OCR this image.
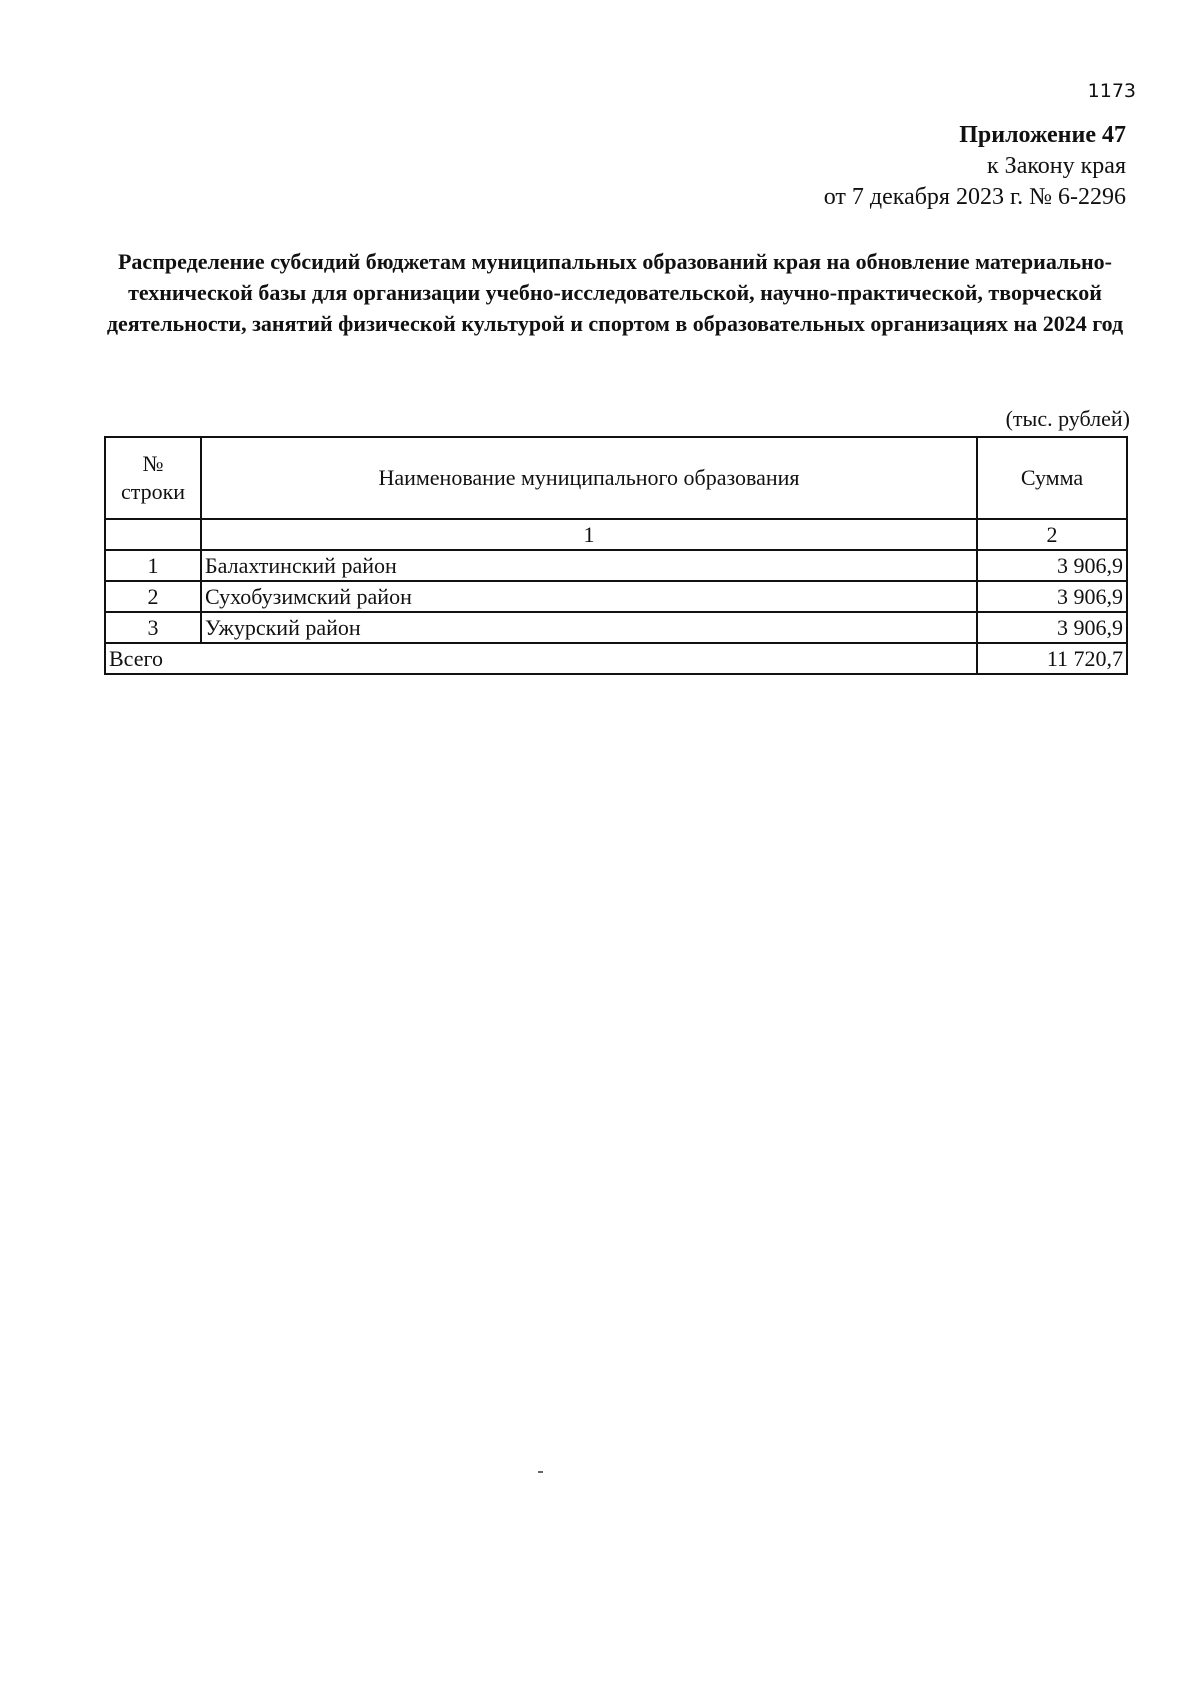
1173
Приложение 47
к Закону края
от 7 декабря 2023 г. № 6-2296
Распределение субсидий бюджетам муниципальных образований края на обновление материально-технической базы для организации учебно-исследовательской, научно-практической, творческой деятельности, занятий физической культурой и спортом в образовательных организациях на 2024 год
(тыс. рублей)
№
строки	Наименование муниципального образования	Сумма
	1	2
1	Балахтинский район	3 906,9
2	Сухобузимский район	3 906,9
3	Ужурский район	3 906,9
Всего		11 720,7
